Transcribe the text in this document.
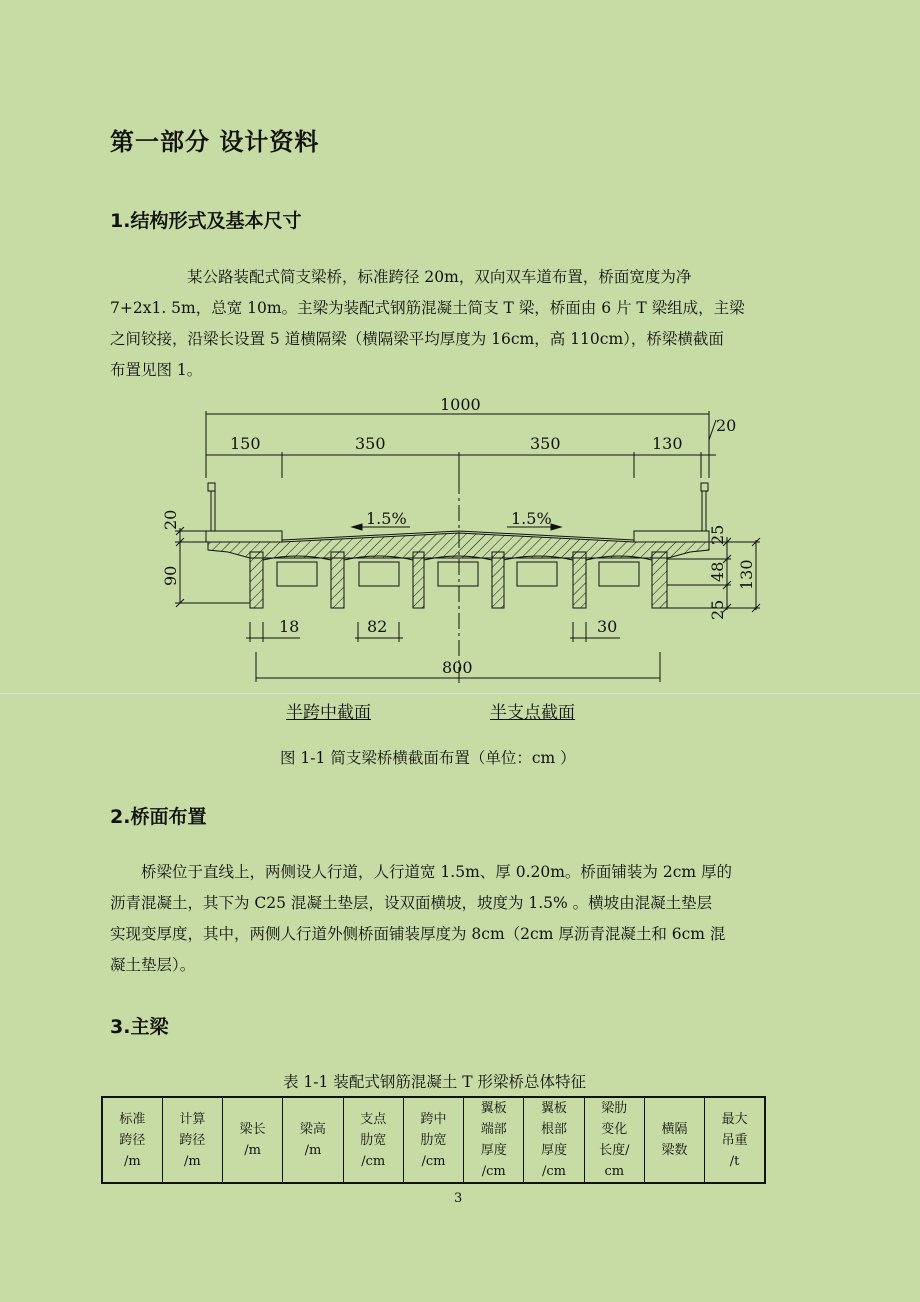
第一部分 设计资料
1.结构形式及基本尺寸
某公路装配式简支梁桥，标准跨径 20m，双向双车道布置，桥面宽度为净
7+2x1. 5m，总宽 10m。主梁为装配式钢筋混凝土简支 T 梁，桥面由 6 片 T 梁组成，主梁
之间铰接，沿梁长设置 5 道横隔梁（横隔梁平均厚度为 16cm，高 110cm），桥梁横截面
布置见图 1。
1000
150	350	350	130
20
1.5%	1.5%
20
90
25
48
25
130
18	82	30
800
半跨中截面	半支点截面
图 1-1 简支梁桥横截面布置（单位：cm ）
2.桥面布置
桥梁位于直线上，两侧设人行道，人行道宽 1.5m、厚 0.20m。桥面铺装为 2cm 厚的
沥青混凝土，其下为 C25 混凝土垫层，设双面横坡，坡度为 1.5% 。横坡由混凝土垫层
实现变厚度，其中，两侧人行道外侧桥面铺装厚度为 8cm（2cm 厚沥青混凝土和 6cm 混
凝土垫层）。
3.主梁
表 1-1 装配式钢筋混凝土 T 形梁桥总体特征
标准
跨径
/m

计算
跨径
/m

梁长
/m

梁高
/m

支点
肋宽
/cm

跨中
肋宽
/cm

翼板
端部
厚度
/cm

翼板
根部
厚度
/cm

梁肋
变化
长度/
cm

横隔
梁数

最大
吊重
/t
3
